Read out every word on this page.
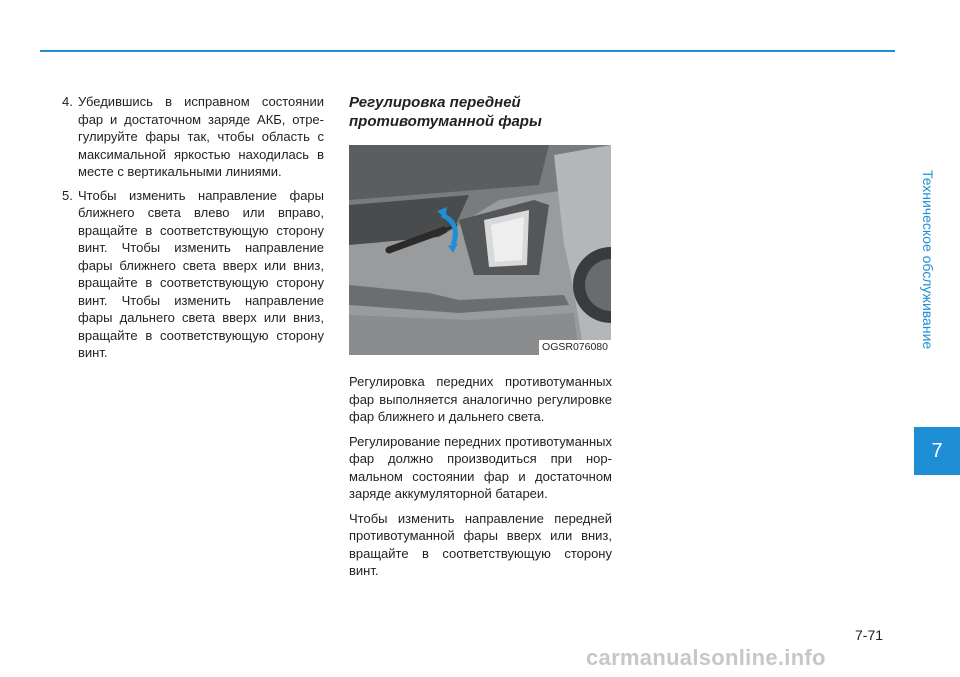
4. Убедившись в исправном состоянии фар и достаточном заряде АКБ, отрегулируйте фары так, чтобы область с максимальной яркостью находилась в месте с вертикальными линиями.
5. Чтобы изменить направление фары ближнего света влево или вправо, вращайте в соответствующую сторону винт. Чтобы изменить направление фары ближнего света вверх или вниз, вращайте в соответствующую сторону винт. Чтобы изменить направление фары дальнего света вверх или вниз, вращайте в соответствующую сторону винт.
Регулировка передней противотуманной фары
OGSR076080

Регулировка передних противотуманных фар выполняется аналогично регулировке фар ближнего и дальнего света.

Регулирование передних противотуманных фар должно производиться при нормальном состоянии фар и достаточном заряде аккумуляторной батареи.

Чтобы изменить направление передней противотуманной фары вверх или вниз, вращайте в соответствующую сторону винт.

Техническое обслуживание
7
7-71
carmanualsonline.info
